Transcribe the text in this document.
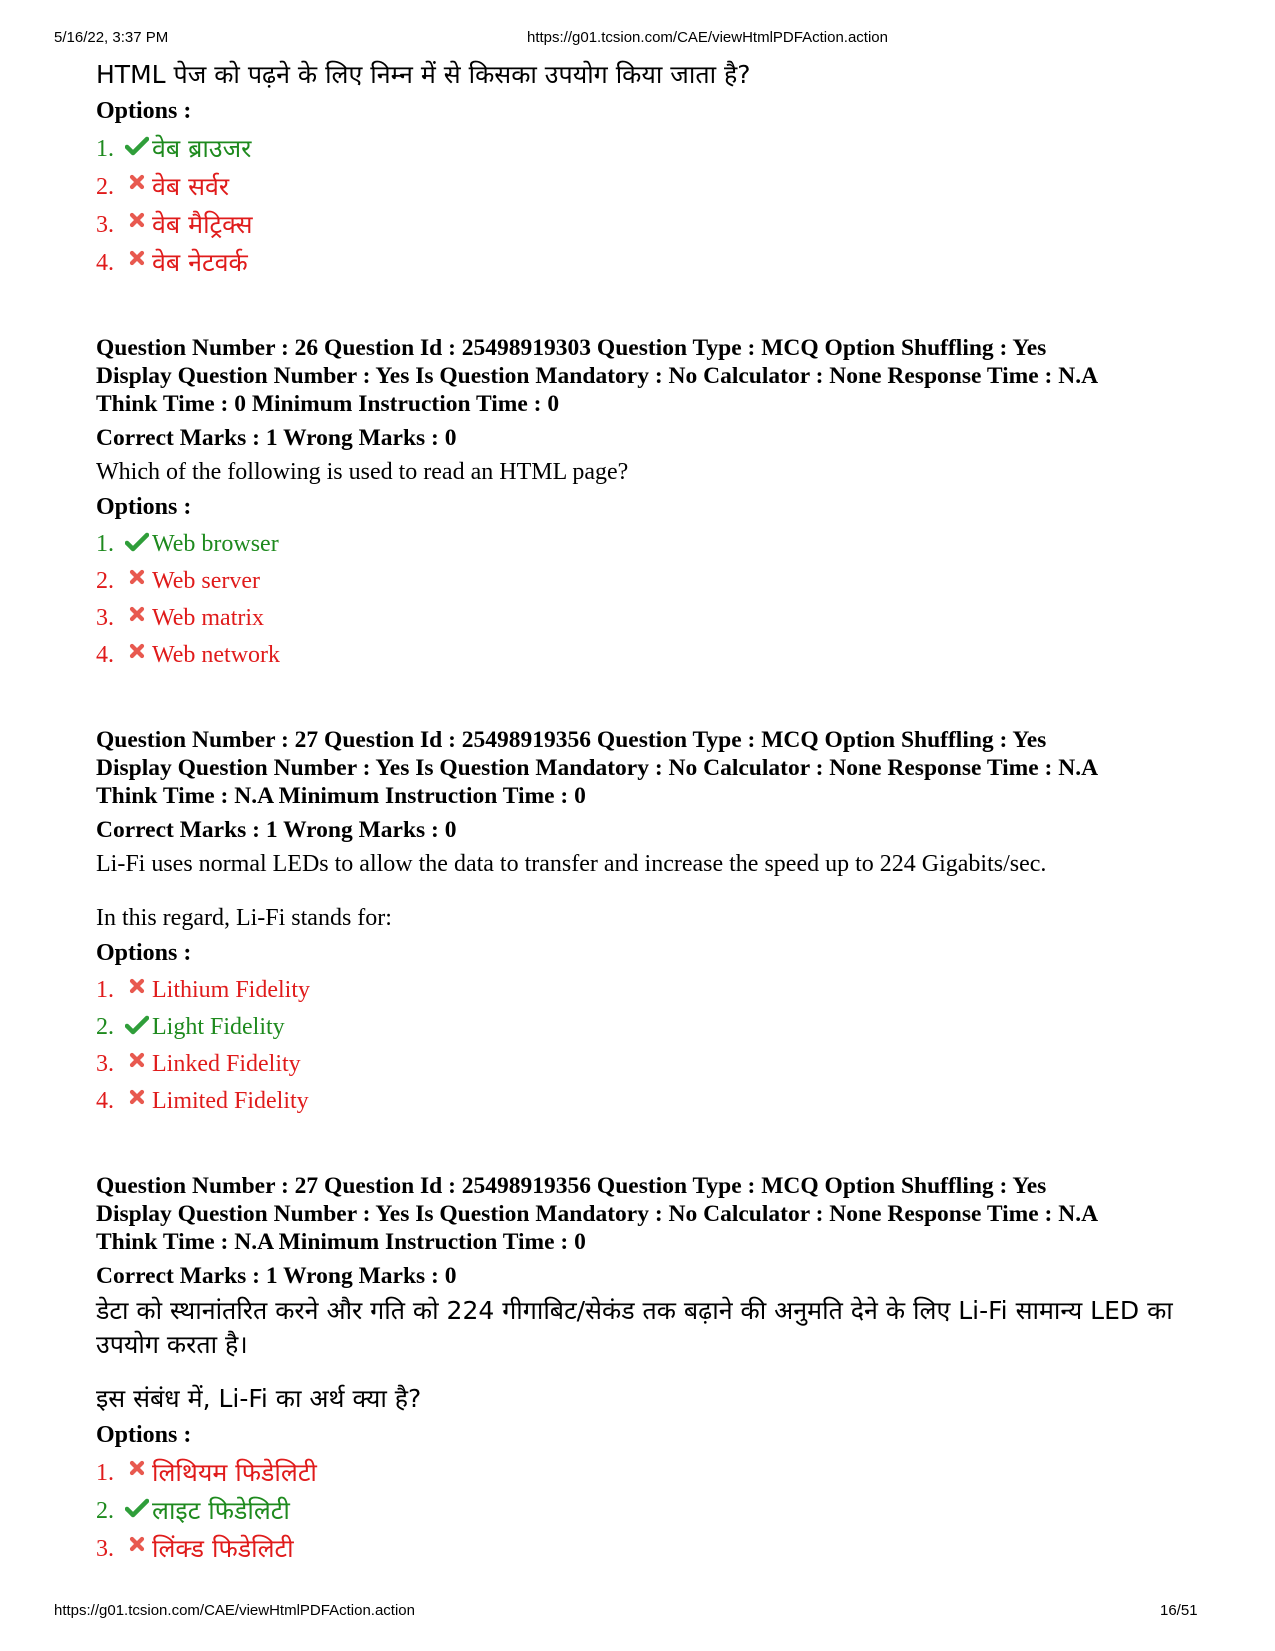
5/16/22, 3:37 PM	https://g01.tcsion.com/CAE/viewHtmlPDFAction.action

HTML पेज को पढ़ने के लिए निम्न में से किसका उपयोग किया जाता है?

Options :

1.	वेब ब्राउजर
2.	वेब सर्वर
3.	वेब मैट्रिक्स
4.	वेब नेटवर्क

Question Number : 26 Question Id : 25498919303 Question Type : MCQ Option Shuffling : Yes

Display Question Number : Yes Is Question Mandatory : No Calculator : None Response Time : N.A

Think Time : 0 Minimum Instruction Time : 0

Correct Marks : 1 Wrong Marks : 0

Which of the following is used to read an HTML page?

Options :

1.	Web browser
2.	Web server
3.	Web matrix
4.	Web network

Question Number : 27 Question Id : 25498919356 Question Type : MCQ Option Shuffling : Yes

Display Question Number : Yes Is Question Mandatory : No Calculator : None Response Time : N.A

Think Time : N.A Minimum Instruction Time : 0

Correct Marks : 1 Wrong Marks : 0

Li-Fi uses normal LEDs to allow the data to transfer and increase the speed up to 224 Gigabits/sec.

In this regard, Li-Fi stands for:

Options :

1.	Lithium Fidelity
2.	Light Fidelity
3.	Linked Fidelity
4.	Limited Fidelity

Question Number : 27 Question Id : 25498919356 Question Type : MCQ Option Shuffling : Yes

Display Question Number : Yes Is Question Mandatory : No Calculator : None Response Time : N.A

Think Time : N.A Minimum Instruction Time : 0

Correct Marks : 1 Wrong Marks : 0

डेटा को स्थानांतरित करने और गति को 224 गीगाबिट/सेकंड तक बढ़ाने की अनुमति देने के लिए Li-Fi सामान्य LED का उपयोग करता है।

इस संबंध में, Li-Fi का अर्थ क्या है?

Options :

1.	लिथियम फिडेलिटी
2.	लाइट फिडेलिटी
3.	लिंक्ड फिडेलिटी
https://g01.tcsion.com/CAE/viewHtmlPDFAction.action	16/51
